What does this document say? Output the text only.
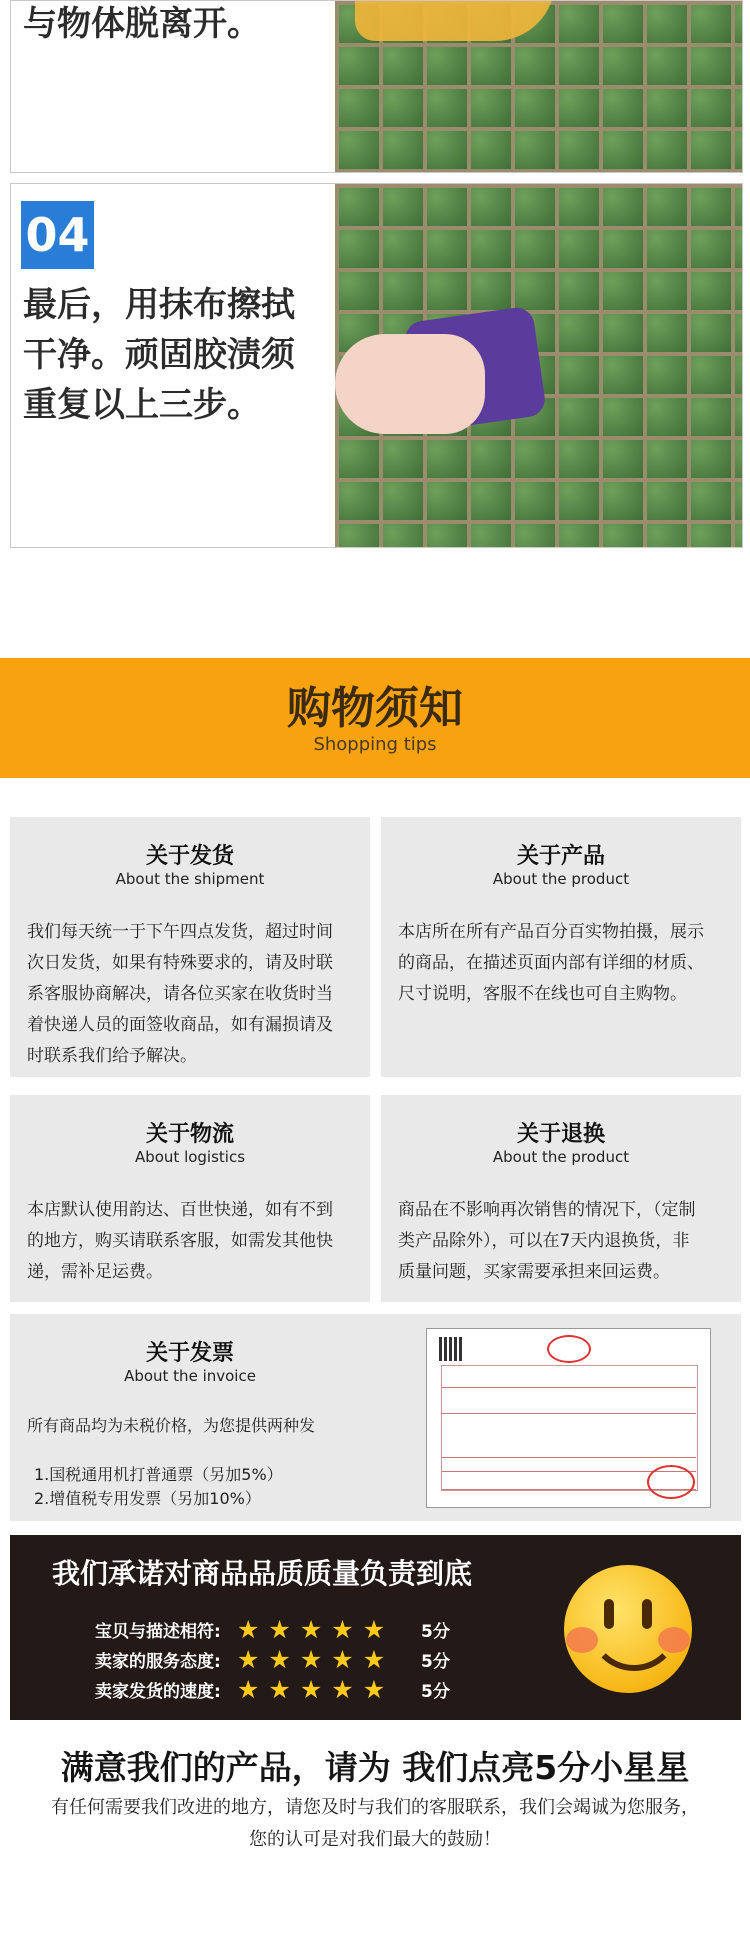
与物体脱离开。
04
最后，用抹布擦拭
干净。顽固胶渍须
重复以上三步。
购物须知
Shopping tips
关于发货
About the shipment
我们每天统一于下午四点发货，超过时间
次日发货，如果有特殊要求的，请及时联
系客服协商解决，请各位买家在收货时当
着快递人员的面签收商品，如有漏损请及
时联系我们给予解决。
关于产品
About the product
本店所在所有产品百分百实物拍摄，展示
的商品，在描述页面内部有详细的材质、
尺寸说明，客服不在线也可自主购物。
关于物流
About logistics
本店默认使用韵达、百世快递，如有不到
的地方，购买请联系客服，如需发其他快
递，需补足运费。
关于退换
About the product
商品在不影响再次销售的情况下，（定制
类产品除外），可以在7天内退换货，非
质量问题，买家需要承担来回运费。
关于发票
About the invoice
所有商品均为未税价格，为您提供两种发
1.国税通用机打普通票（另加5%）
2.增值税专用发票（另加10%）
我们承诺对商品品质质量负责到底
宝贝与描述相符: ★ ★ ★ ★ ★ 5分
卖家的服务态度: ★ ★ ★ ★ ★ 5分
卖家发货的速度: ★ ★ ★ ★ ★ 5分
满意我们的产品，请为 我们点亮5分小星星
有任何需要我们改进的地方，请您及时与我们的客服联系，我们会竭诚为您服务，
您的认可是对我们最大的鼓励！
